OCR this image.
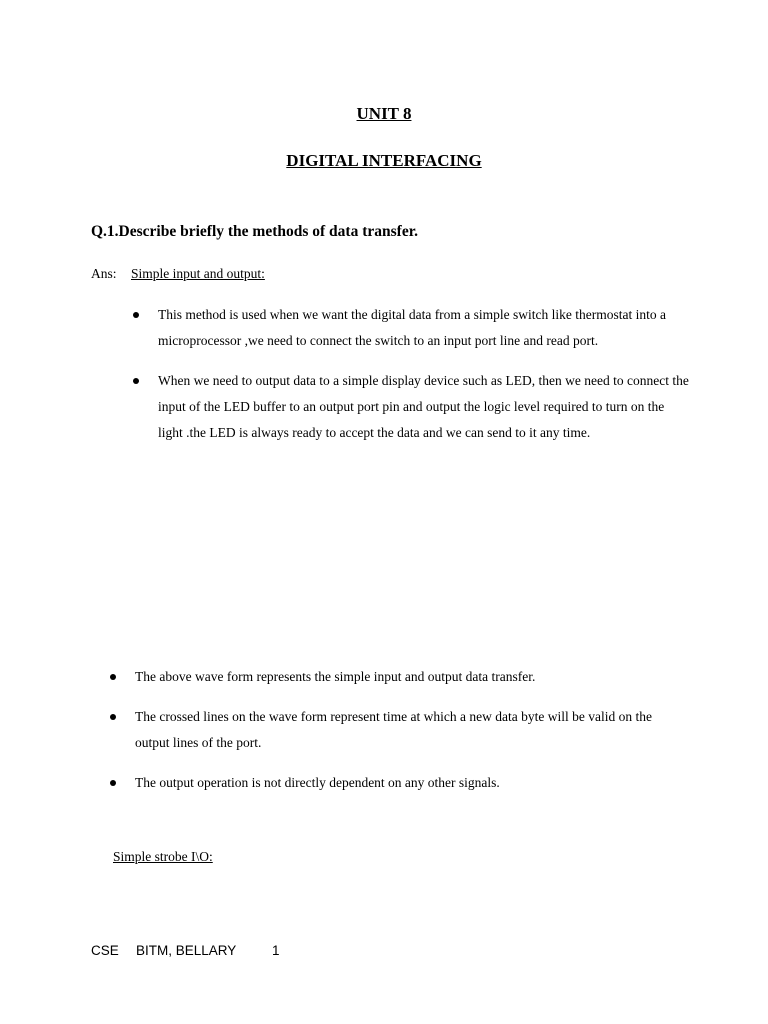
UNIT 8
DIGITAL INTERFACING
Q.1.Describe briefly the methods of data transfer.
Ans: Simple input and output:
This method is used when we want the digital data from a simple switch like thermostat into a microprocessor ,we need to connect the switch to an input port line and read port.
When we need to output data to a simple display device such as LED, then we need to connect the input of the LED buffer to an output port pin and output the logic level required to turn on the light .the LED is always ready to accept the data and we can send to it any time.
The above wave form represents the simple input and output data transfer.
The crossed lines on the wave form represent time at which a new data byte will be valid on the output lines of the port.
The output operation is not directly dependent on any other signals.
Simple strobe I\O:
CSE BITM, BELLARY	1
